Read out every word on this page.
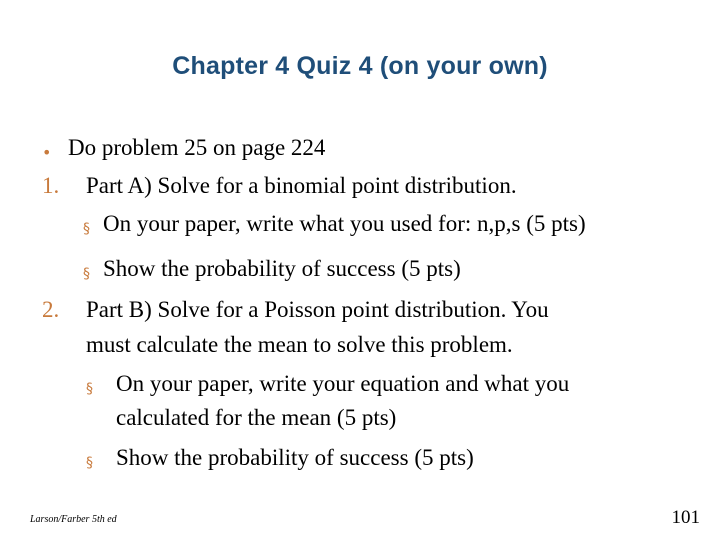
Chapter 4 Quiz 4 (on your own)
• Do problem 25 on page 224
1. Part A) Solve for a binomial point distribution.
§ On your paper, write what you used for: n,p,s (5 pts)
§ Show the probability of success (5 pts)
2. Part B) Solve for a Poisson point distribution. You
must calculate the mean to solve this problem.
§ On your paper, write your equation and what you
calculated for the mean (5 pts)
§ Show the probability of success (5 pts)
Larson/Farber 5th ed	101
